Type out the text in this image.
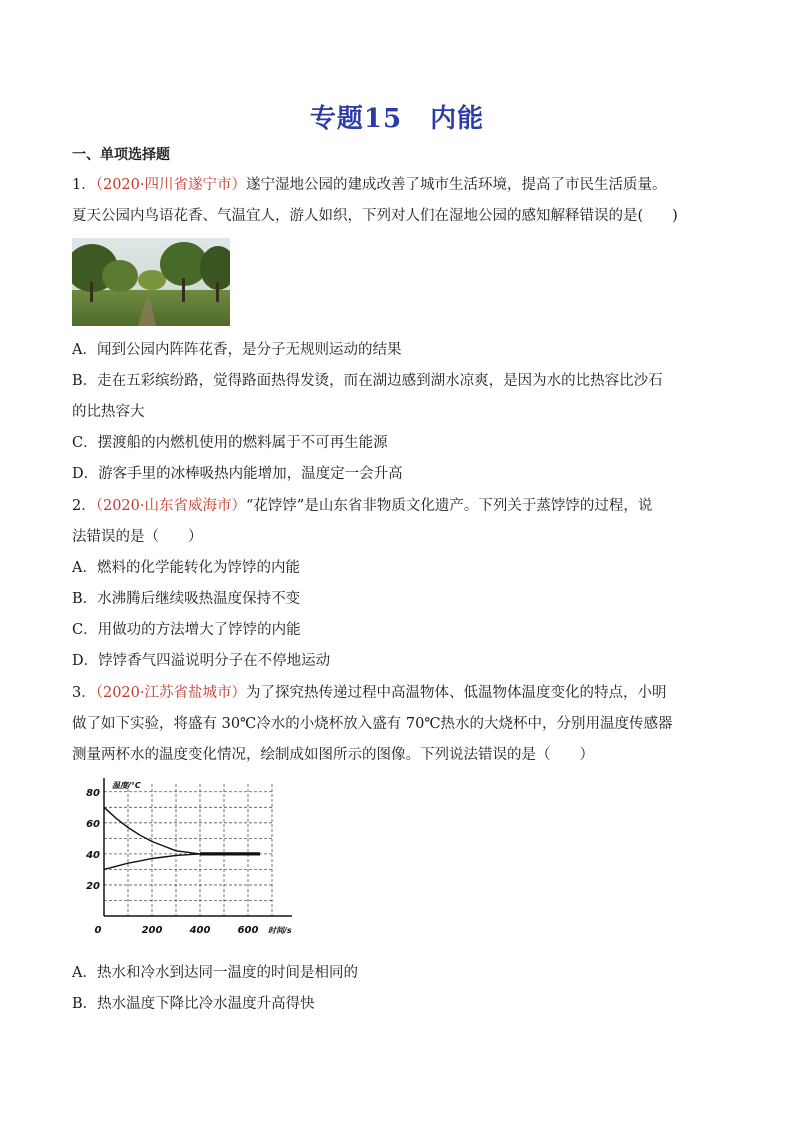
专题15 内能
一、单项选择题
1．（2020·四川省遂宁市）遂宁湿地公园的建成改善了城市生活环境，提高了市民生活质量。
夏天公园内鸟语花香、气温宜人，游人如织，下列对人们在湿地公园的感知解释错误的是(　　)
A．闻到公园内阵阵花香，是分子无规则运动的结果
B．走在五彩缤纷路，觉得路面热得发烫，而在湖边感到湖水凉爽，是因为水的比热容比沙石
的比热容大
C．摆渡船的内燃机使用的燃料属于不可再生能源
D．游客手里的冰棒吸热内能增加，温度定一会升高
2．（2020·山东省威海市）“花饽饽”是山东省非物质文化遗产。下列关于蒸饽饽的过程，说
法错误的是（　　）
A．燃料的化学能转化为饽饽的内能
B．水沸腾后继续吸热温度保持不变
C．用做功的方法增大了饽饽的内能
D．饽饽香气四溢说明分子在不停地运动
3．（2020·江苏省盐城市）为了探究热传递过程中高温物体、低温物体温度变化的特点，小明
做了如下实验，将盛有 30℃冷水的小烧杯放入盛有 70℃热水的大烧杯中，分别用温度传感器
测量两杯水的温度变化情况，绘制成如图所示的图像。下列说法错误的是（　　）
20
40
60
80
0	200	400	600
温度/°C
时间/s
A．热水和冷水到达同一温度的时间是相同的
B．热水温度下降比冷水温度升高得快
